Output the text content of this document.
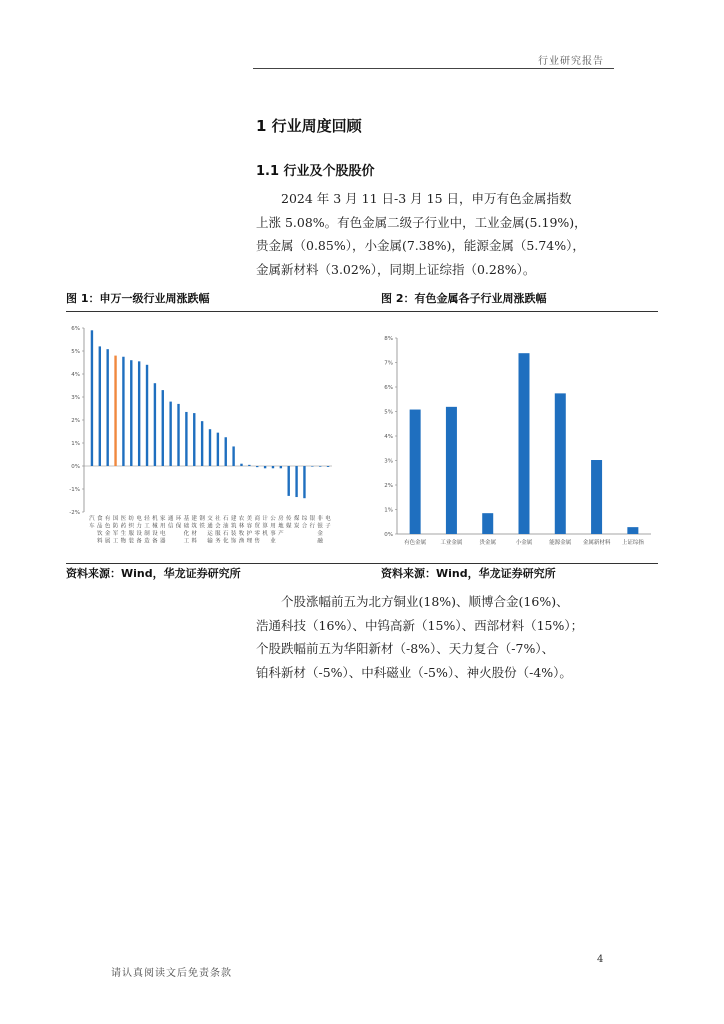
行业研究报告
1 行业周度回顾
1.1 行业及个股股价

2024 年 3 月 11 日-3 月 15 日，申万有色金属指数

上涨 5.08%。有色金属二级子行业中，工业金属(5.19%)，

贵金属（0.85%），小金属(7.38%)，能源金属（5.74%），

金属新材料（3.02%），同期上证综指（0.28%）。

图 1：申万一级行业周涨跌幅	图 2：有色金属各子行业周涨跌幅
-2%
-1%
0%
1%
2%
3%
4%
5%
6%
汽
车
食
品
饮
料
有
色
金
属
国
防
军
工
医
药
生
物
纺
织
服
装
电
力
设
备
轻
工
制
造
机
械
设
备
家
用
电
器
通
信
环
保
基
础
化
工
建
筑
材
料
钢
铁
交
通
运
输
社
会
服
务
石
油
石
化
建
筑
装
饰
农
林
牧
渔
美
容
护
理
商
贸
零
售
计
算
机
公
用
事
业
房
地
产
传
媒
煤
炭
综
合
银
行
非
银
金
融
电
子
0%
1%
2%
3%
4%
5%
6%
7%
8%
有色金属	工业金属	贵金属	小金属	能源金属 金属新材料 上证综指
资料来源：Wind，华龙证券研究所	资料来源：Wind，华龙证券研究所

个股涨幅前五为北方铜业(18%)、顺博合金(16%)、

浩通科技（16%）、中钨高新（15%）、西部材料（15%）；

个股跌幅前五为华阳新材（-8%）、天力复合（-7%）、

铂科新材（-5%）、中科磁业（-5%）、神火股份（-4%）。

4
请认真阅读文后免责条款
